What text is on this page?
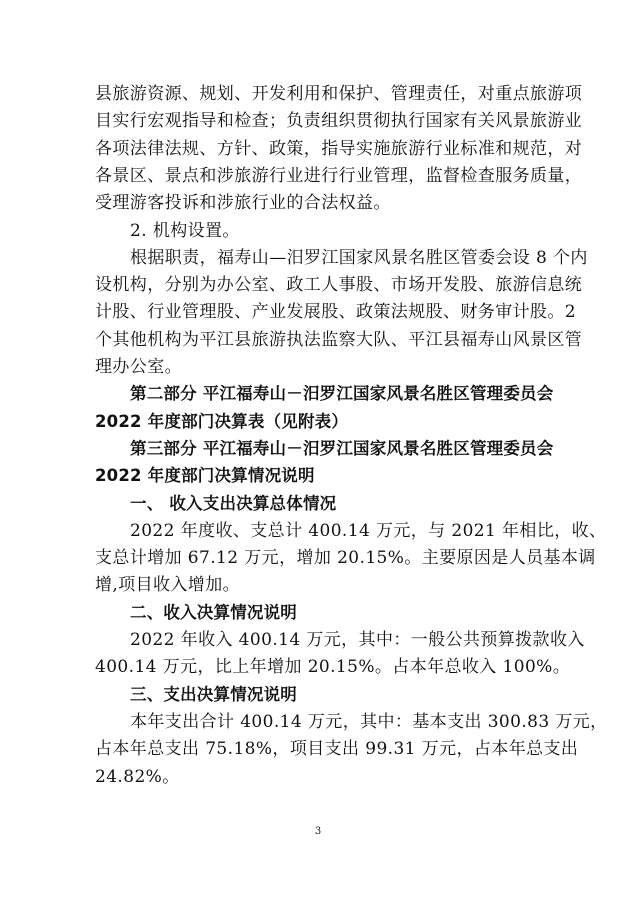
县旅游资源、规划、开发利用和保护、管理责任，对重点旅游项
目实行宏观指导和检查；负责组织贯彻执行国家有关风景旅游业
各项法律法规、方针、政策，指导实施旅游行业标准和规范，对
各景区、景点和涉旅游行业进行行业管理，监督检查服务质量，
受理游客投诉和涉旅行业的合法权益。
2. 机构设置。
根据职责，福寿山—汨罗江国家风景名胜区管委会设 8 个内
设机构，分别为办公室、政工人事股、市场开发股、旅游信息统
计股、行业管理股、产业发展股、政策法规股、财务审计股。2
个其他机构为平江县旅游执法监察大队、平江县福寿山风景区管
理办公室。
第二部分 平江福寿山－汨罗江国家风景名胜区管理委员会
2022 年度部门决算表（见附表）
第三部分 平江福寿山－汨罗江国家风景名胜区管理委员会
2022 年度部门决算情况说明
一、 收入支出决算总体情况
2022 年度收、支总计 400.14 万元，与 2021 年相比，收、
支总计增加 67.12 万元，增加 20.15%。主要原因是人员基本调
增,项目收入增加。
二、收入决算情况说明
2022 年收入 400.14 万元，其中：一般公共预算拨款收入
400.14 万元，比上年增加 20.15%。占本年总收入 100%。
三、支出决算情况说明
本年支出合计 400.14 万元，其中：基本支出 300.83 万元，
占本年总支出 75.18%，项目支出 99.31 万元，占本年总支出
24.82%。
3
